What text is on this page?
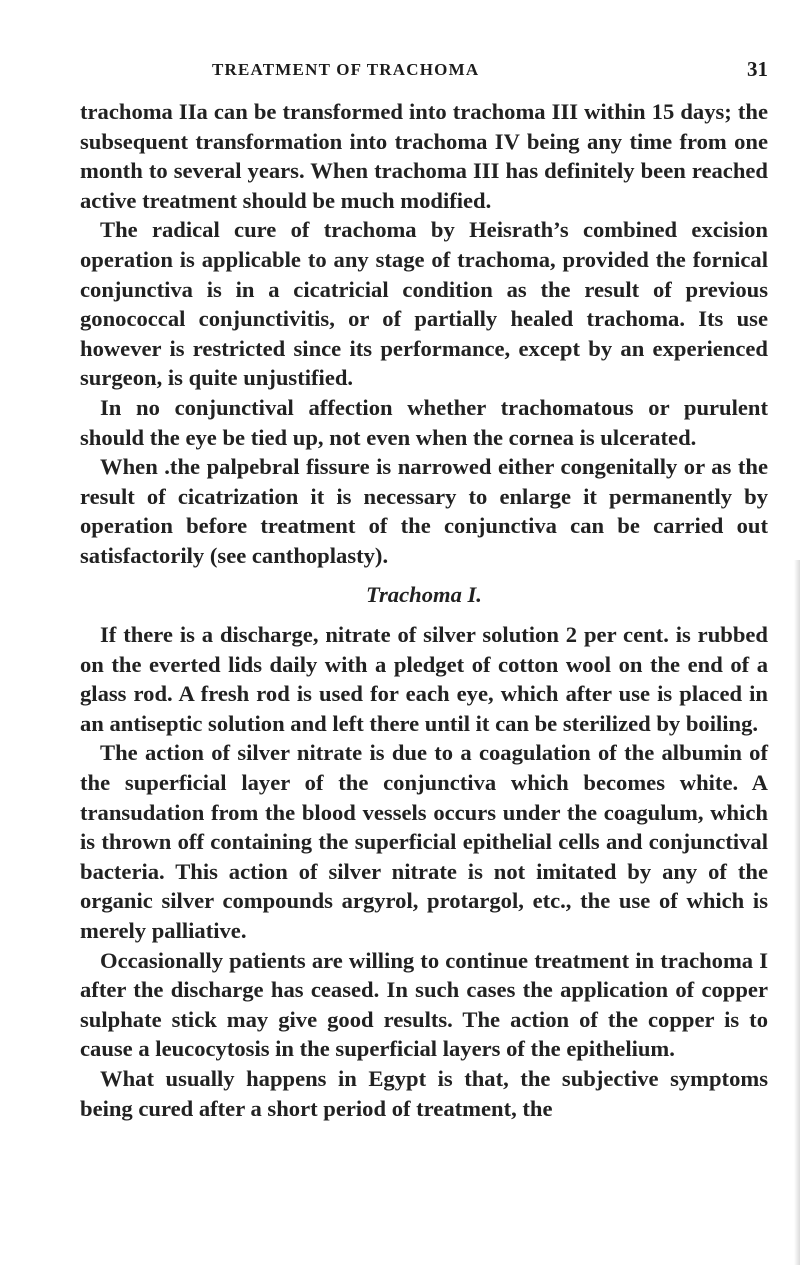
TREATMENT OF TRACHOMA	31

trachoma IIa can be transformed into trachoma III within 15 days; the subsequent transformation into trachoma IV being any time from one month to several years. When trachoma III has definitely been reached active treatment should be much modified.

The radical cure of trachoma by Heisrath’s combined excision operation is applicable to any stage of trachoma, provided the fornical conjunctiva is in a cicatricial condition as the result of previous gonococcal conjunctivitis, or of partially healed trachoma. Its use however is restricted since its performance, except by an experienced surgeon, is quite unjustified.

In no conjunctival affection whether trachomatous or purulent should the eye be tied up, not even when the cornea is ulcerated.

When .the palpebral fissure is narrowed either congenitally or as the result of cicatrization it is necessary to enlarge it permanently by operation before treatment of the conjunctiva can be carried out satisfactorily (see canthoplasty).

Trachoma I.

If there is a discharge, nitrate of silver solution 2 per cent. is rubbed on the everted lids daily with a pledget of cotton wool on the end of a glass rod. A fresh rod is used for each eye, which after use is placed in an antiseptic solution and left there until it can be sterilized by boiling.

The action of silver nitrate is due to a coagulation of the albumin of the superficial layer of the conjunctiva which becomes white. A transudation from the blood vessels occurs under the coagulum, which is thrown off containing the superficial epithelial cells and conjunctival bacteria. This action of silver nitrate is not imitated by any of the organic silver compounds argyrol, protargol, etc., the use of which is merely palliative.

Occasionally patients are willing to continue treatment in trachoma I after the discharge has ceased. In such cases the application of copper sulphate stick may give good results. The action of the copper is to cause a leucocytosis in the superficial layers of the epithelium.

What usually happens in Egypt is that, the subjective symptoms being cured after a short period of treatment, the
